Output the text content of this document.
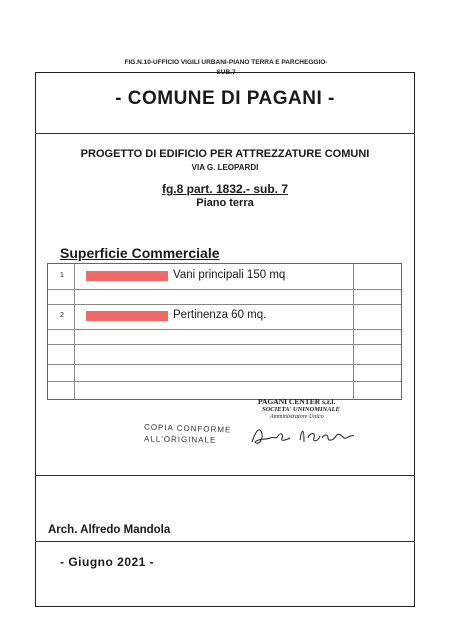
FIG.N.10-UFFICIO VIGILI URBANI-PIANO TERRA E PARCHEGGIO-
SUB.7
- COMUNE DI PAGANI -
PROGETTO DI EDIFICIO PER ATTREZZATURE COMUNI
VIA G. LEOPARDI
fg.8 part. 1832.- sub. 7
Piano terra
Superficie Commerciale
1	Vani principali 150 mq
2	Pertinenza 60 mq.
PAGANI CENTER s.r.l.
SOCIETA' UNINOMINALE
Amministratore Unico
COPIA CONFORME
ALL'ORIGINALE
Arch. Alfredo Mandola
- Giugno 2021 -
